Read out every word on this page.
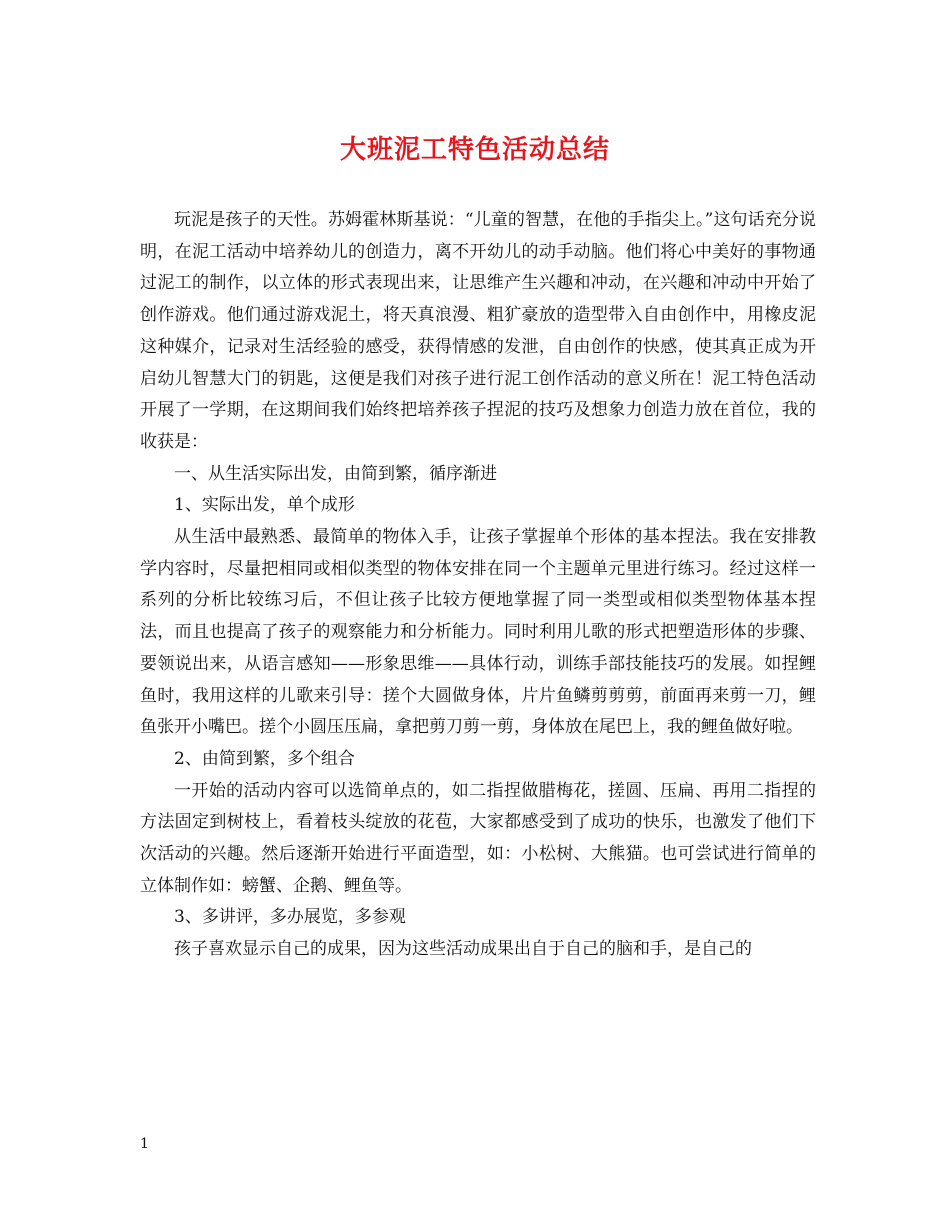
大班泥工特色活动总结

玩泥是孩子的天性。苏姆霍林斯基说：“儿童的智慧，在他的手指尖上。”这句话充分说明，在泥工活动中培养幼儿的创造力，离不开幼儿的动手动脑。他们将心中美好的事物通过泥工的制作，以立体的形式表现出来，让思维产生兴趣和冲动，在兴趣和冲动中开始了创作游戏。他们通过游戏泥土，将天真浪漫、粗犷豪放的造型带入自由创作中，用橡皮泥这种媒介，记录对生活经验的感受，获得情感的发泄，自由创作的快感，使其真正成为开启幼儿智慧大门的钥匙，这便是我们对孩子进行泥工创作活动的意义所在！泥工特色活动开展了一学期，在这期间我们始终把培养孩子捏泥的技巧及想象力创造力放在首位，我的收获是：

一、从生活实际出发，由简到繁，循序渐进

1、实际出发，单个成形

从生活中最熟悉、最简单的物体入手，让孩子掌握单个形体的基本捏法。我在安排教学内容时，尽量把相同或相似类型的物体安排在同一个主题单元里进行练习。经过这样一系列的分析比较练习后，不但让孩子比较方便地掌握了同一类型或相似类型物体基本捏法，而且也提高了孩子的观察能力和分析能力。同时利用儿歌的形式把塑造形体的步骤、要领说出来，从语言感知——形象思维——具体行动，训练手部技能技巧的发展。如捏鲤鱼时，我用这样的儿歌来引导：搓个大圆做身体，片片鱼鳞剪剪剪，前面再来剪一刀，鲤鱼张开小嘴巴。搓个小圆压压扁，拿把剪刀剪一剪，身体放在尾巴上，我的鲤鱼做好啦。

2、由简到繁，多个组合

一开始的活动内容可以选简单点的，如二指捏做腊梅花，搓圆、压扁、再用二指捏的方法固定到树枝上，看着枝头绽放的花苞，大家都感受到了成功的快乐，也激发了他们下次活动的兴趣。然后逐渐开始进行平面造型，如：小松树、大熊猫。也可尝试进行简单的立体制作如：螃蟹、企鹅、鲤鱼等。

3、多讲评，多办展览，多参观

孩子喜欢显示自己的成果，因为这些活动成果出自于自己的脑和手，是自己的

1
